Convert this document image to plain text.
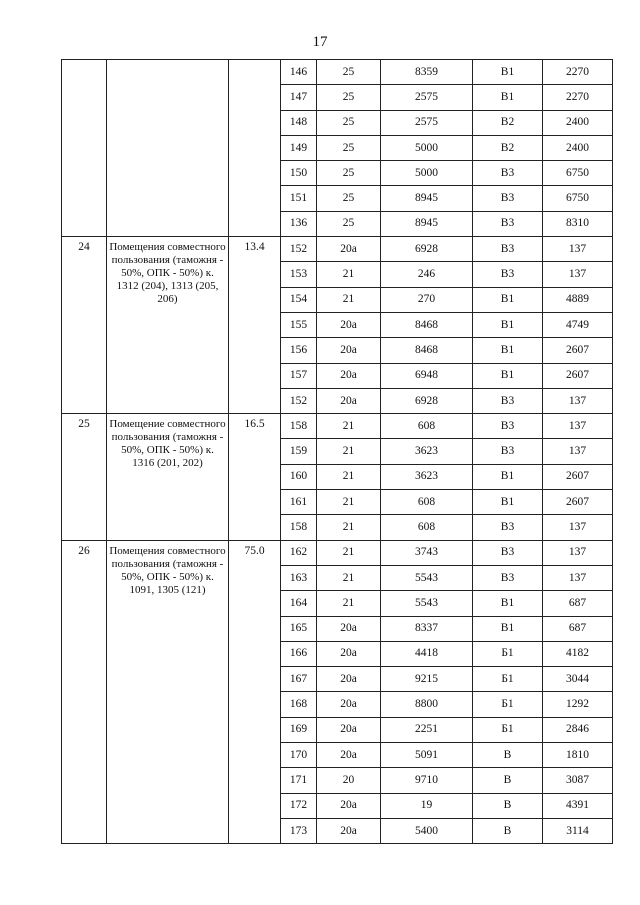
17
			146	25	8359	В1	2270
			147	25	2575	В1	2270
			148	25	2575	В2	2400
			149	25	5000	В2	2400
			150	25	5000	В3	6750
			151	25	8945	В3	6750
			136	25	8945	В3	8310
24	Помещения совместного пользования (таможня - 50%, ОПК - 50%) к. 1312 (204), 1313 (205, 206)	13.4	152	20а	6928	В3	137
			153	21	246	В3	137
			154	21	270	В1	4889
			155	20а	8468	В1	4749
			156	20а	8468	В1	2607
			157	20а	6948	В1	2607
			152	20а	6928	В3	137
25	Помещение совместного пользования (таможня - 50%, ОПК - 50%) к. 1316 (201, 202)	16.5	158	21	608	В3	137
			159	21	3623	В3	137
			160	21	3623	В1	2607
			161	21	608	В1	2607
			158	21	608	В3	137
26	Помещения совместного пользования (таможня - 50%, ОПК - 50%) к. 1091, 1305 (121)	75.0	162	21	3743	В3	137
			163	21	5543	В3	137
			164	21	5543	В1	687
			165	20а	8337	В1	687
			166	20а	4418	Б1	4182
			167	20а	9215	Б1	3044
			168	20а	8800	Б1	1292
			169	20а	2251	Б1	2846
			170	20а	5091	В	1810
			171	20	9710	В	3087
			172	20а	19	В	4391
			173	20а	5400	В	3114
